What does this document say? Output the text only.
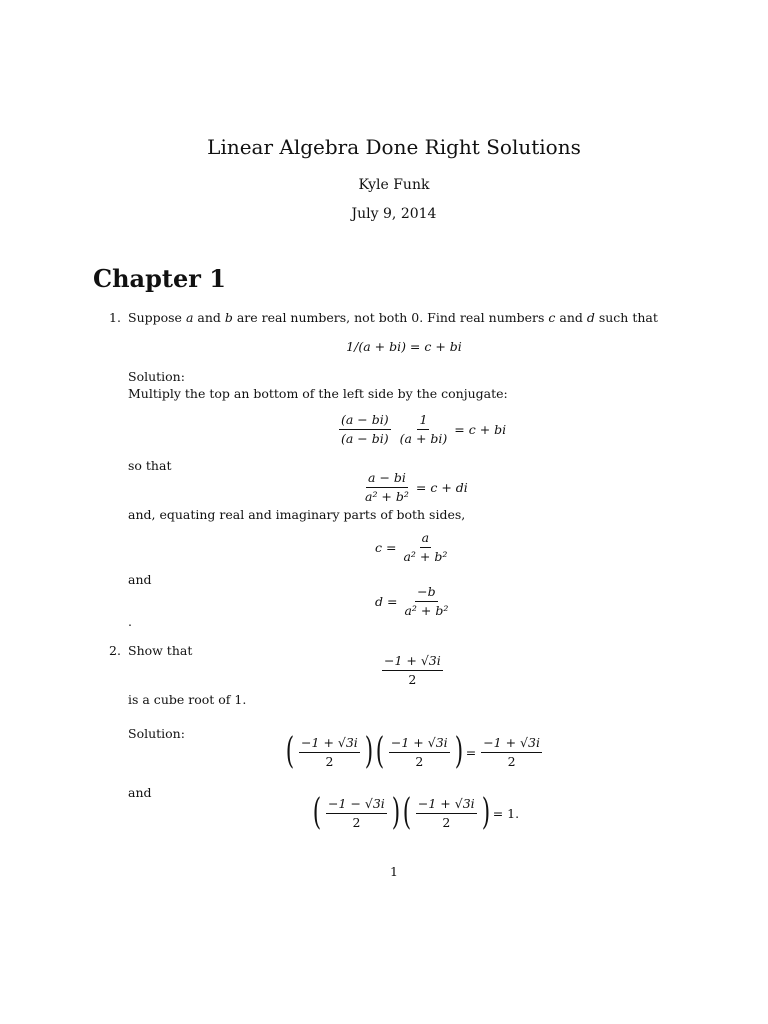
Linear Algebra Done Right Solutions
Kyle Funk
July 9, 2014
Chapter 1
1. Suppose a and b are real numbers, not both 0. Find real numbers c and d such that
1/(a + bi) = c + bi
Solution:
Multiply the top an bottom of the left side by the conjugate:
$\frac{(a - bi)}{(a - bi)} \frac{1}{(a + bi)} = c$ + bi
so that
$\frac{a - bi}{\text{a² + b²}} = c$ + di
and, equating real and imaginary parts of both sides,
$c = \frac{a}{\text{a² + b²}}$
and
$d = \frac{-b}{\text{a² + b²}}$
.
2. Show that
$\frac{-1 + √3i}{2}$
is a cube root of 1.
Solution:	( $\frac{-1 + √3i}{2}$ ) ( $\frac{-1 + √3i}{2}$ ) = $\frac{-1 + √3i}{2}$
and	( $\frac{-1 - √3i}{2}$ ) ( $\frac{-1 + √3i}{2}$ ) = 1.
1
